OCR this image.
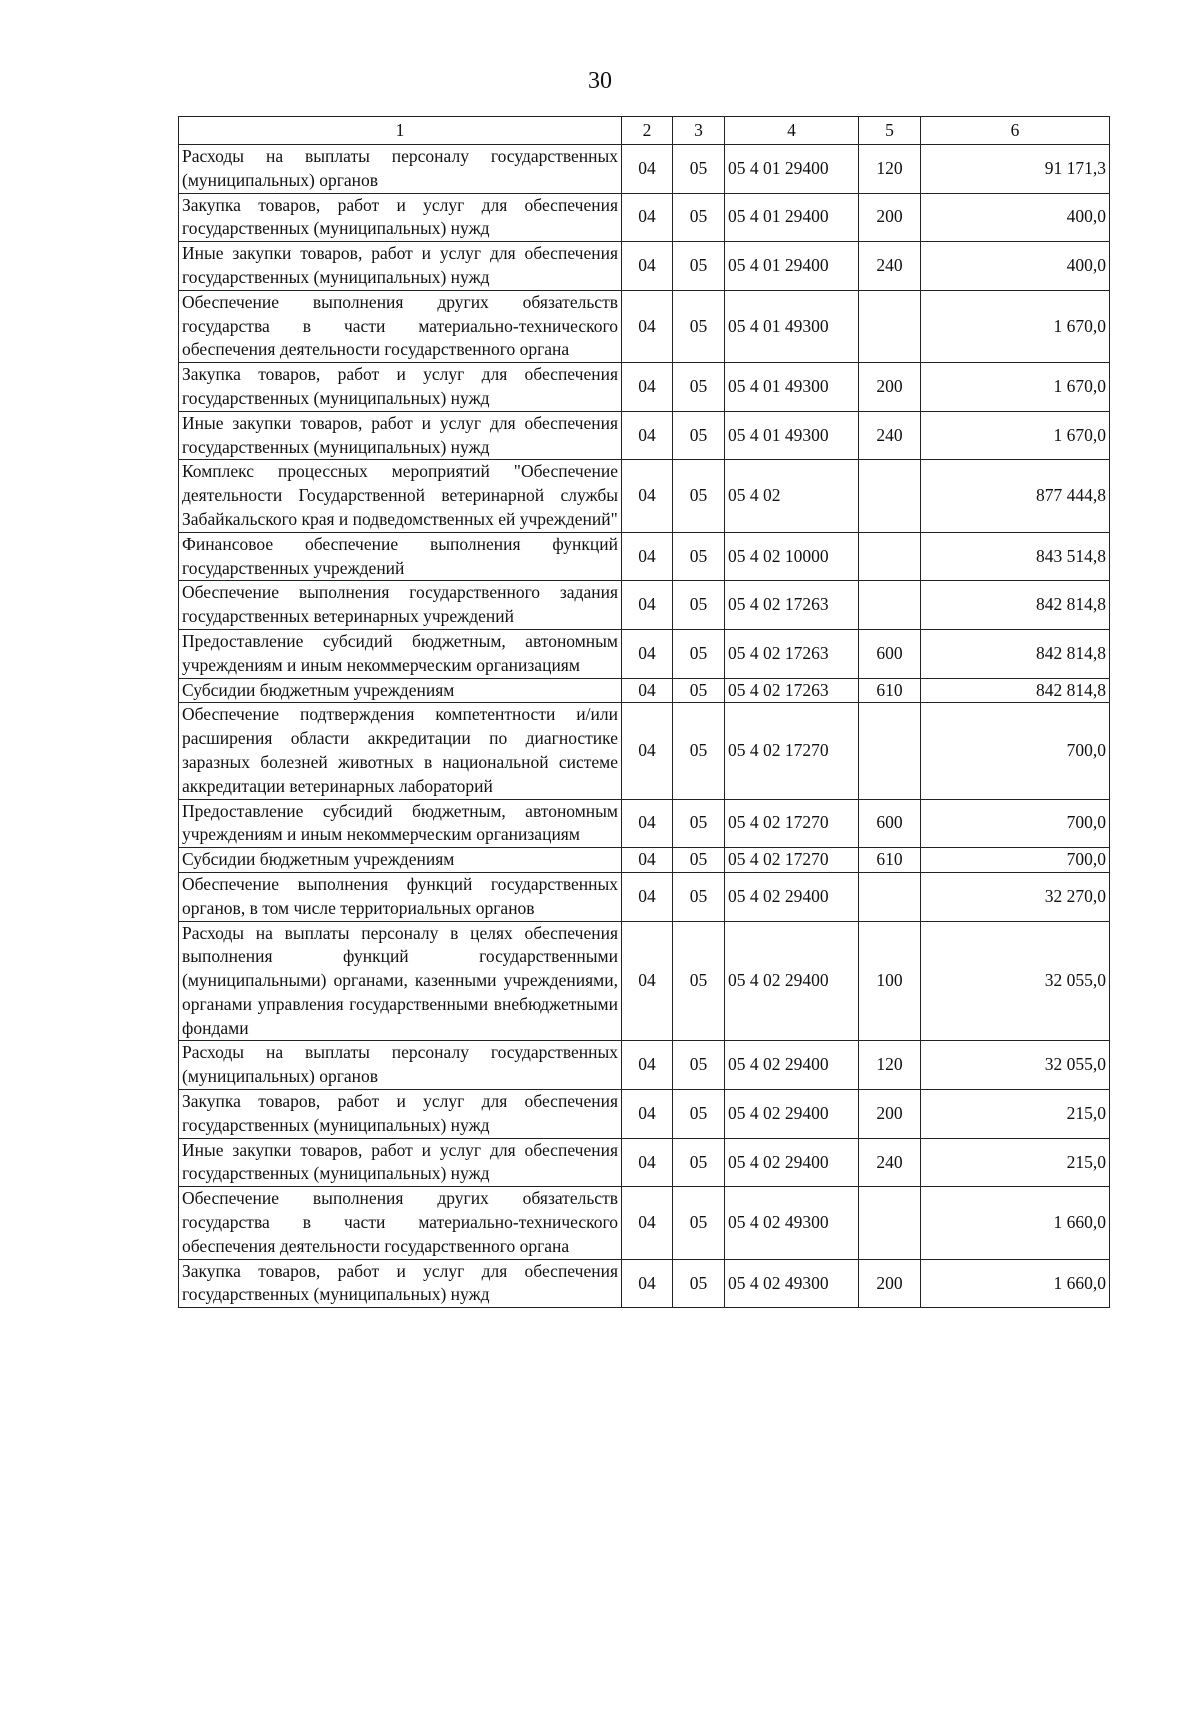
30
1	2	3	4	5	6
Расходы на выплаты персоналу государственных (муниципальных) органов	04	05	05 4 01 29400	120	91 171,3
Закупка товаров, работ и услуг для обеспечения государственных (муниципальных) нужд	04	05	05 4 01 29400	200	400,0
Иные закупки товаров, работ и услуг для обеспечения государственных (муниципальных) нужд	04	05	05 4 01 29400	240	400,0
Обеспечение выполнения других обязательств государства в части материально-технического обеспечения деятельности государственного органа	04	05	05 4 01 49300		1 670,0
Закупка товаров, работ и услуг для обеспечения государственных (муниципальных) нужд	04	05	05 4 01 49300	200	1 670,0
Иные закупки товаров, работ и услуг для обеспечения государственных (муниципальных) нужд	04	05	05 4 01 49300	240	1 670,0
Комплекс процессных мероприятий "Обеспечение деятельности Государственной ветеринарной службы Забайкальского края и подведомственных ей учреждений"	04	05	05 4 02		877 444,8
Финансовое обеспечение выполнения функций государственных учреждений	04	05	05 4 02 10000		843 514,8
Обеспечение выполнения государственного задания государственных ветеринарных учреждений	04	05	05 4 02 17263		842 814,8
Предоставление субсидий бюджетным, автономным учреждениям и иным некоммерческим организациям	04	05	05 4 02 17263	600	842 814,8
Субсидии бюджетным учреждениям	04	05	05 4 02 17263	610	842 814,8
Обеспечение подтверждения компетентности и/или расширения области аккредитации по диагностике заразных болезней животных в национальной системе аккредитации ветеринарных лабораторий	04	05	05 4 02 17270		700,0
Предоставление субсидий бюджетным, автономным учреждениям и иным некоммерческим организациям	04	05	05 4 02 17270	600	700,0
Субсидии бюджетным учреждениям	04	05	05 4 02 17270	610	700,0
Обеспечение выполнения функций государственных органов, в том числе территориальных органов	04	05	05 4 02 29400		32 270,0
Расходы на выплаты персоналу в целях обеспечения выполнения функций государственными (муниципальными) органами, казенными учреждениями, органами управления государственными внебюджетными фондами	04	05	05 4 02 29400	100	32 055,0
Расходы на выплаты персоналу государственных (муниципальных) органов	04	05	05 4 02 29400	120	32 055,0
Закупка товаров, работ и услуг для обеспечения государственных (муниципальных) нужд	04	05	05 4 02 29400	200	215,0
Иные закупки товаров, работ и услуг для обеспечения государственных (муниципальных) нужд	04	05	05 4 02 29400	240	215,0
Обеспечение выполнения других обязательств государства в части материально-технического обеспечения деятельности государственного органа	04	05	05 4 02 49300		1 660,0
Закупка товаров, работ и услуг для обеспечения государственных (муниципальных) нужд	04	05	05 4 02 49300	200	1 660,0
